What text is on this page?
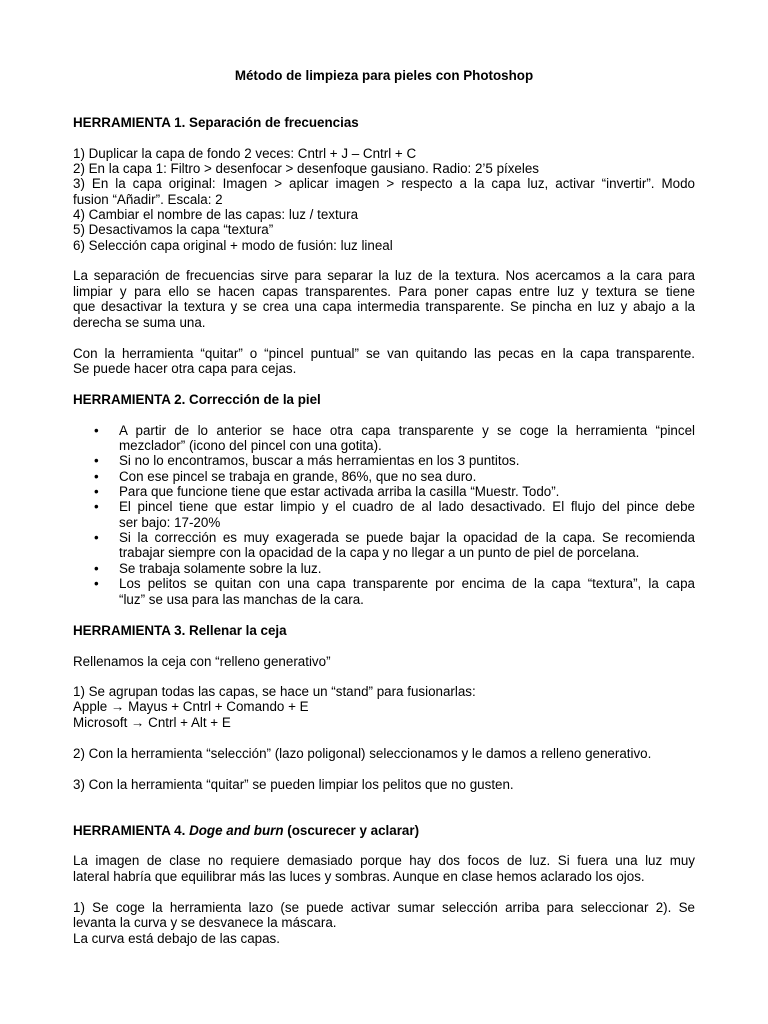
Método de limpieza para pieles con Photoshop

HERRAMIENTA 1. Separación de frecuencias

1) Duplicar la capa de fondo 2 veces: Cntrl + J – Cntrl + C

2) En la capa 1: Filtro > desenfocar > desenfoque gausiano. Radio: 2’5 píxeles

3) En la capa original: Imagen > aplicar imagen > respecto a la capa luz, activar “invertir”. Modo

fusion “Añadir”. Escala: 2

4) Cambiar el nombre de las capas: luz / textura

5) Desactivamos la capa “textura”

6) Selección capa original + modo de fusión: luz lineal

La separación de frecuencias sirve para separar la luz de la textura. Nos acercamos a la cara para

limpiar y para ello se hacen capas transparentes. Para poner capas entre luz y textura se tiene

que desactivar la textura y se crea una capa intermedia transparente. Se pincha en luz y abajo a la

derecha se suma una.

Con la herramienta “quitar” o “pincel puntual” se van quitando las pecas en la capa transparente.

Se puede hacer otra capa para cejas.

HERRAMIENTA 2. Corrección de la piel

• A partir de lo anterior se hace otra capa transparente y se coge la herramienta “pincel

mezclador” (icono del pincel con una gotita).

• Si no lo encontramos, buscar a más herramientas en los 3 puntitos.

• Con ese pincel se trabaja en grande, 86%, que no sea duro.

• Para que funcione tiene que estar activada arriba la casilla “Muestr. Todo”.

• El pincel tiene que estar limpio y el cuadro de al lado desactivado. El flujo del pince debe

ser bajo: 17-20%

• Si la corrección es muy exagerada se puede bajar la opacidad de la capa. Se recomienda

trabajar siempre con la opacidad de la capa y no llegar a un punto de piel de porcelana.

• Se trabaja solamente sobre la luz.

• Los pelitos se quitan con una capa transparente por encima de la capa “textura”, la capa

“luz” se usa para las manchas de la cara.

HERRAMIENTA 3. Rellenar la ceja

Rellenamos la ceja con “relleno generativo”

1) Se agrupan todas las capas, se hace un “stand” para fusionarlas:

Apple → Mayus + Cntrl + Comando + E

Microsoft → Cntrl + Alt + E

2) Con la herramienta “selección” (lazo poligonal) seleccionamos y le damos a relleno generativo.

3) Con la herramienta “quitar” se pueden limpiar los pelitos que no gusten.

HERRAMIENTA 4. Doge and burn (oscurecer y aclarar)

La imagen de clase no requiere demasiado porque hay dos focos de luz. Si fuera una luz muy

lateral habría que equilibrar más las luces y sombras. Aunque en clase hemos aclarado los ojos.

1) Se coge la herramienta lazo (se puede activar sumar selección arriba para seleccionar 2). Se

levanta la curva y se desvanece la máscara.

La curva está debajo de las capas.
